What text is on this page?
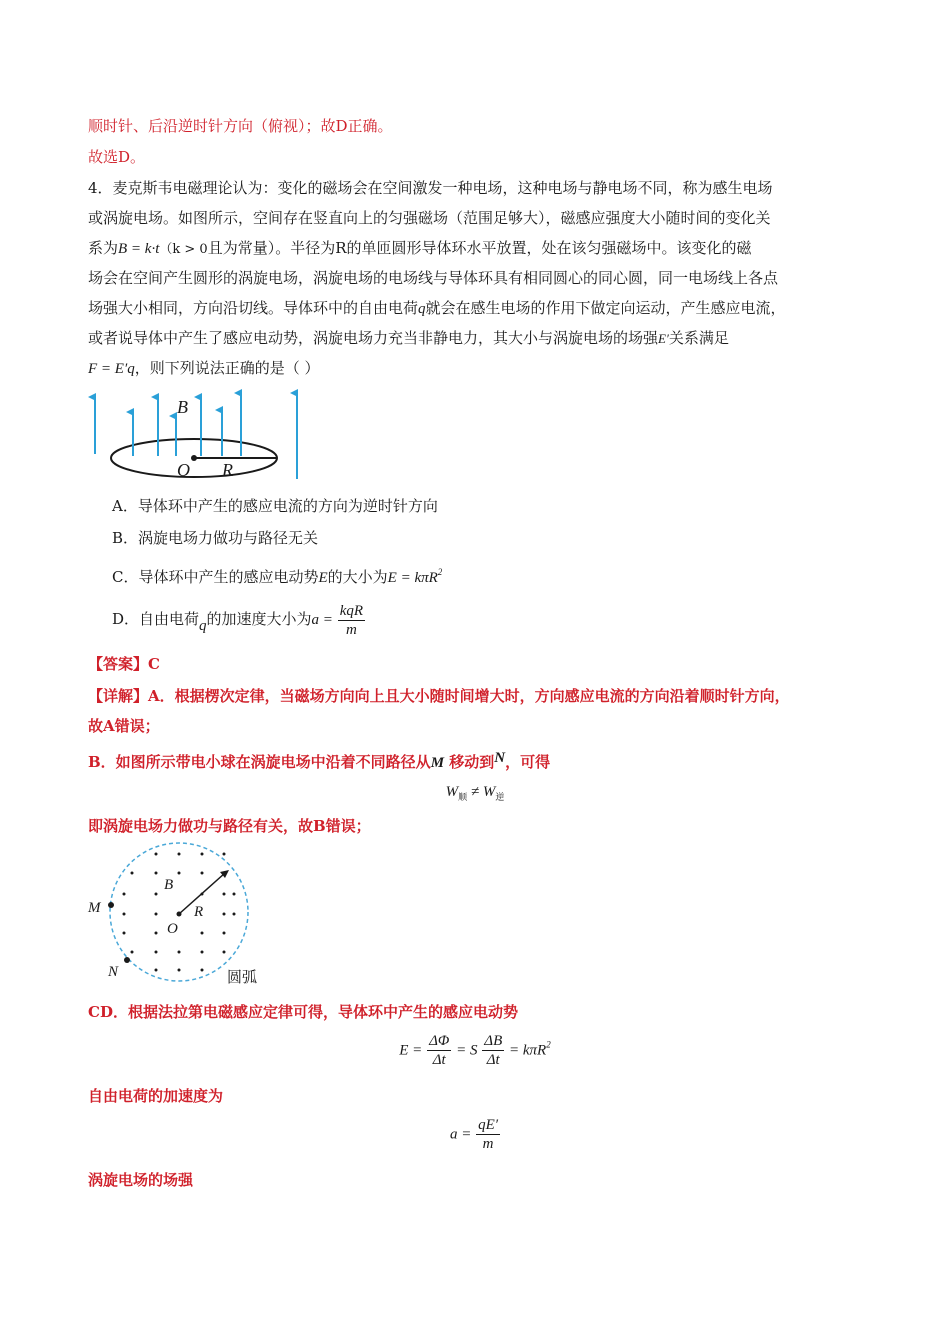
顺时针、后沿逆时针方向（俯视）；故D正确。
故选D。
4．麦克斯韦电磁理论认为：变化的磁场会在空间激发一种电场，这种电场与静电场不同，称为感生电场
或涡旋电场。如图所示，空间存在竖直向上的匀强磁场（范围足够大），磁感应强度大小随时间的变化关
系为B = k·t（k > 0且为常量）。半径为R的单匝圆形导体环水平放置，处在该匀强磁场中。该变化的磁
场会在空间产生圆形的涡旋电场，涡旋电场的电场线与导体环具有相同圆心的同心圆，同一电场线上各点
场强大小相同，方向沿切线。导体环中的自由电荷q就会在感生电场的作用下做定向运动，产生感应电流，
或者说导体中产生了感应电动势，涡旋电场力充当非静电力，其大小与涡旋电场的场强E′关系满足
F = E′q，则下列说法正确的是（ ）
B
O R
A．导体环中产生的感应电流的方向为逆时针方向
B．涡旋电场力做功与路径无关
C．导体环中产生的感应电动势E的大小为E = kπR$^2$
D．自由电荷q的加速度大小为$a = \frac{\text{kqR}}{m}$
【答案】C
【详解】A．根据楞次定律，当磁场方向向上且大小随时间增大时，方向感应电流的方向沿着顺时针方向，
故A错误；
B．如图所示带电小球在涡旋电场中沿着不同路径从M 移动到N，可得
$W_顺 \ne W_逆$
即涡旋电场力做功与路径有关，故B错误；
B
O
R
M
N	圆弧
CD．根据法拉第电磁感应定律可得，导体环中产生的感应电动势
$E = \frac{\Delta\Phi}{\Delta t} = S \frac{\Delta B}{\Delta t} = k\pi R^2$
自由电荷的加速度为
$a = \frac{qE'}{m}$
涡旋电场的场强
